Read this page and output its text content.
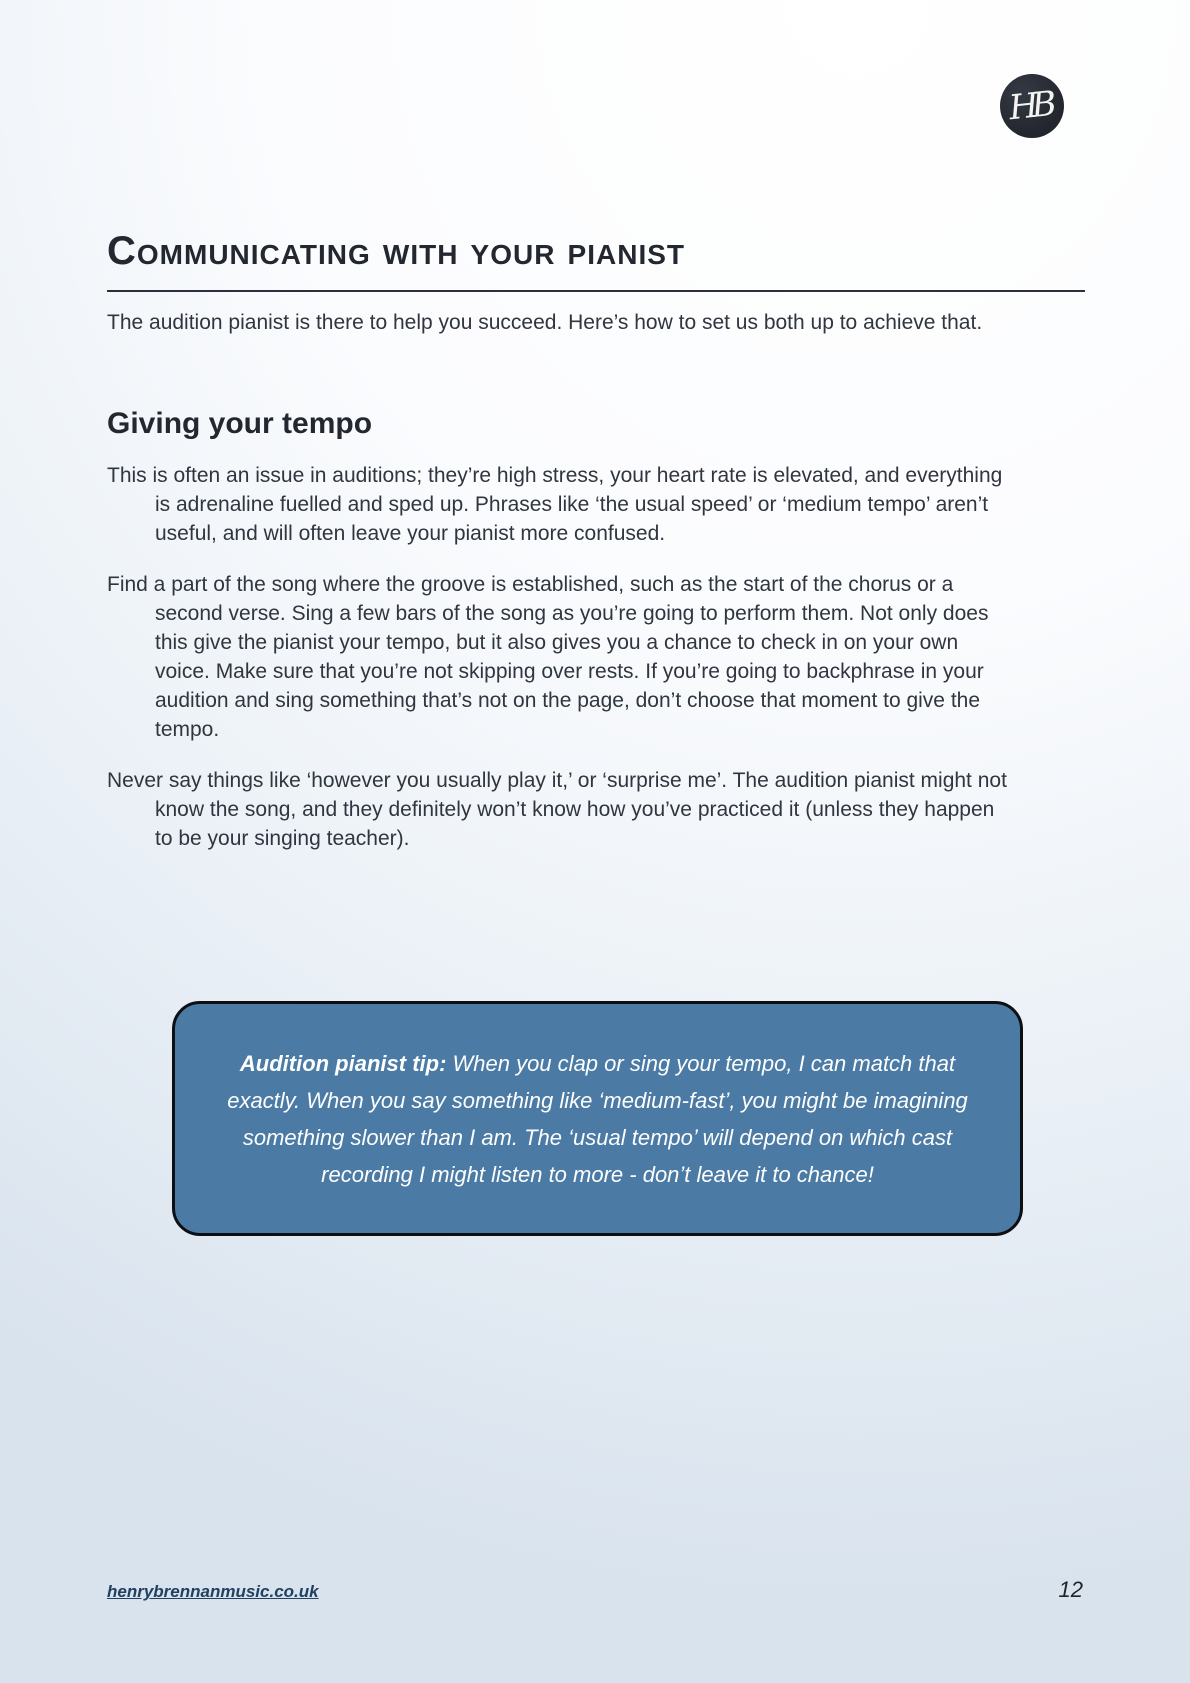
HB
Communicating with your pianist

The audition pianist is there to help you succeed. Here’s how to set us both up to achieve that.

Giving your tempo

This is often an issue in auditions; they’re high stress, your heart rate is elevated, and everything is adrenaline fuelled and sped up. Phrases like ‘the usual speed’ or ‘medium tempo’ aren’t useful, and will often leave your pianist more confused.

Find a part of the song where the groove is established, such as the start of the chorus or a second verse. Sing a few bars of the song as you’re going to perform them. Not only does this give the pianist your tempo, but it also gives you a chance to check in on your own voice. Make sure that you’re not skipping over rests. If you’re going to backphrase in your audition and sing something that’s not on the page, don’t choose that moment to give the tempo.

Never say things like ‘however you usually play it,’ or ‘surprise me’. The audition pianist might not know the song, and they definitely won’t know how you’ve practiced it (unless they happen to be your singing teacher).

Audition pianist tip: When you clap or sing your tempo, I can match that exactly. When you say something like ‘medium-fast’, you might be imagining something slower than I am. The ‘usual tempo’ will depend on which cast recording I might listen to more - don’t leave it to chance!

henrybrennanmusic.co.uk	12
